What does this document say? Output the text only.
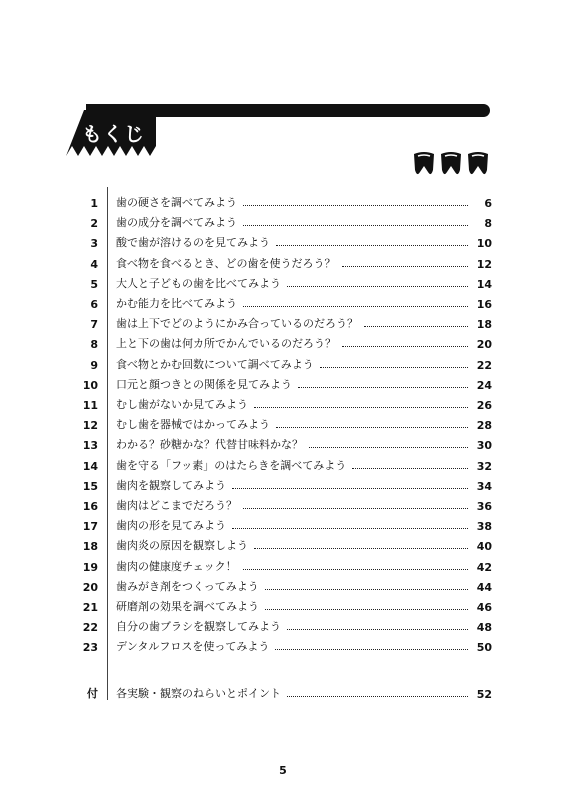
もくじ
1 歯の硬さを調べてみよう	6
2 歯の成分を調べてみよう	8
3 酸で歯が溶けるのを見てみよう	10
4 食べ物を食べるとき、どの歯を使うだろう？	12
5 大人と子どもの歯を比べてみよう	14
6 かむ能力を比べてみよう	16
7 歯は上下でどのようにかみ合っているのだろう？	18
8 上と下の歯は何カ所でかんでいるのだろう？	20
9 食べ物とかむ回数について調べてみよう	22
10 口元と顔つきとの関係を見てみよう	24
11 むし歯がないか見てみよう	26
12 むし歯を器械ではかってみよう	28
13 わかる？砂糖かな？代替甘味料かな？	30
14 歯を守る「フッ素」のはたらきを調べてみよう	32
15 歯肉を観察してみよう	34
16 歯肉はどこまでだろう？	36
17 歯肉の形を見てみよう	38
18 歯肉炎の原因を観察しよう	40
19 歯肉の健康度チェック！	42
20 歯みがき剤をつくってみよう	44
21 研磨剤の効果を調べてみよう	46
22 自分の歯ブラシを観察してみよう	48
23 デンタルフロスを使ってみよう	50
付 各実験・観察のねらいとポイント	52
5
